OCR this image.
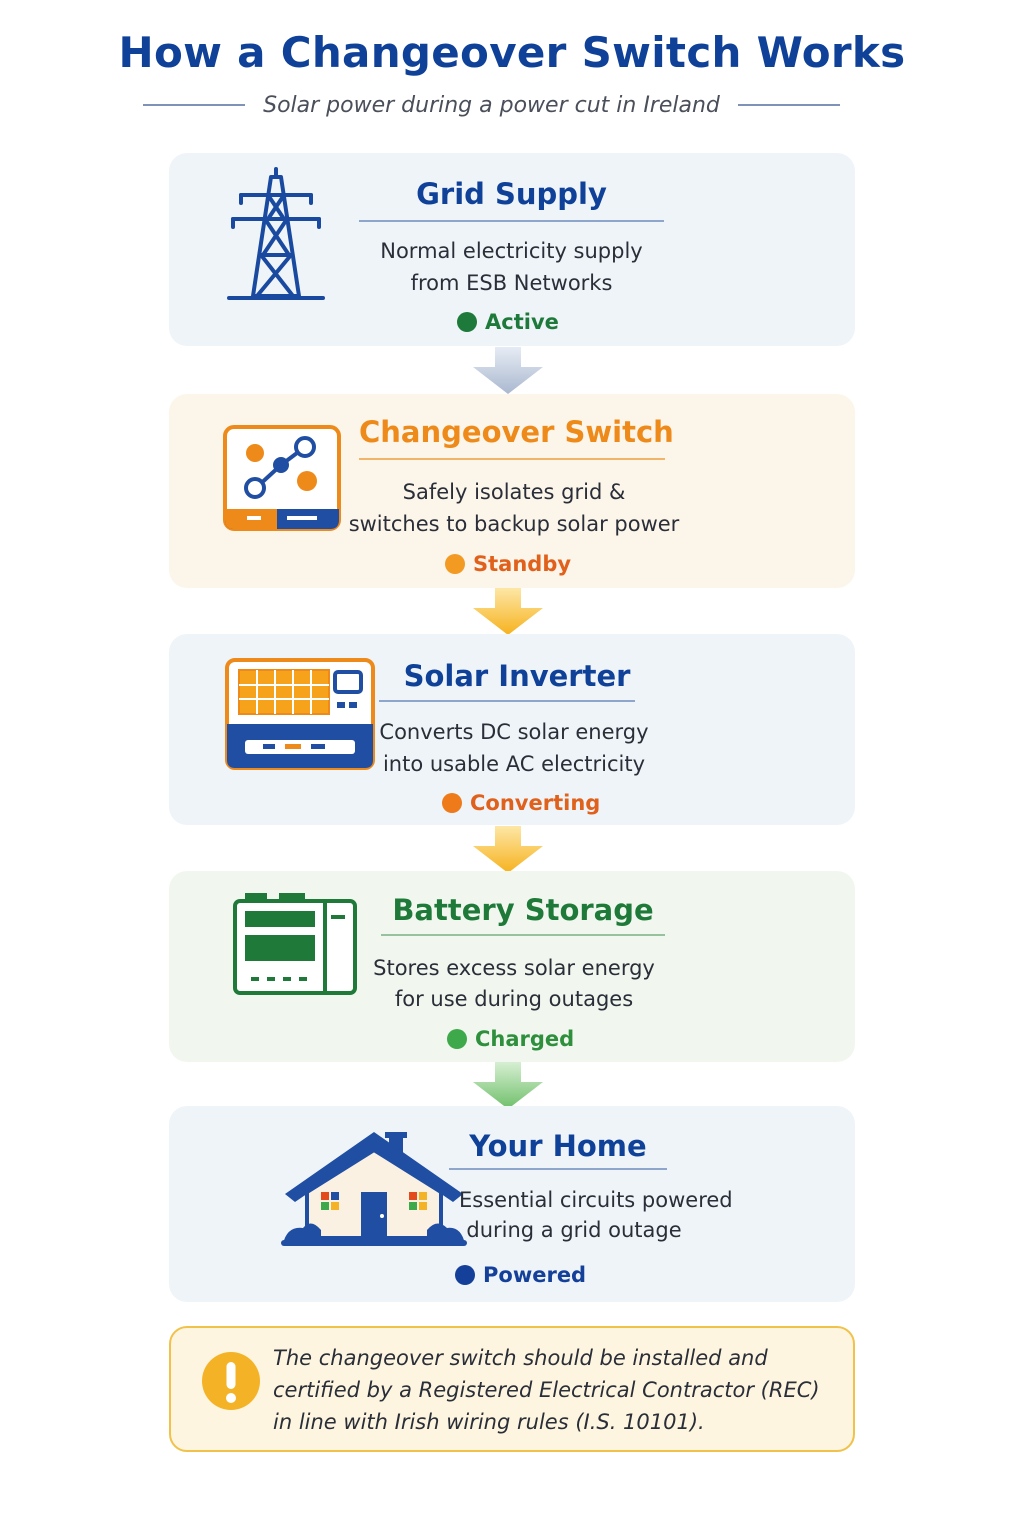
How a Changeover Switch Works
Solar power during a power cut in Ireland
Grid Supply
Normal electricity supply
from ESB Networks
Active
Changeover Switch
Safely isolates grid &
switches to backup solar power
Standby
Solar Inverter
Converts DC solar energy
into usable AC electricity
Converting
Battery Storage
Stores excess solar energy
for use during outages
Charged
Your Home
Essential circuits powered
during a grid outage
Powered
The changeover switch should be installed and
certified by a Registered Electrical Contractor (REC)
in line with Irish wiring rules (I.S. 10101).
